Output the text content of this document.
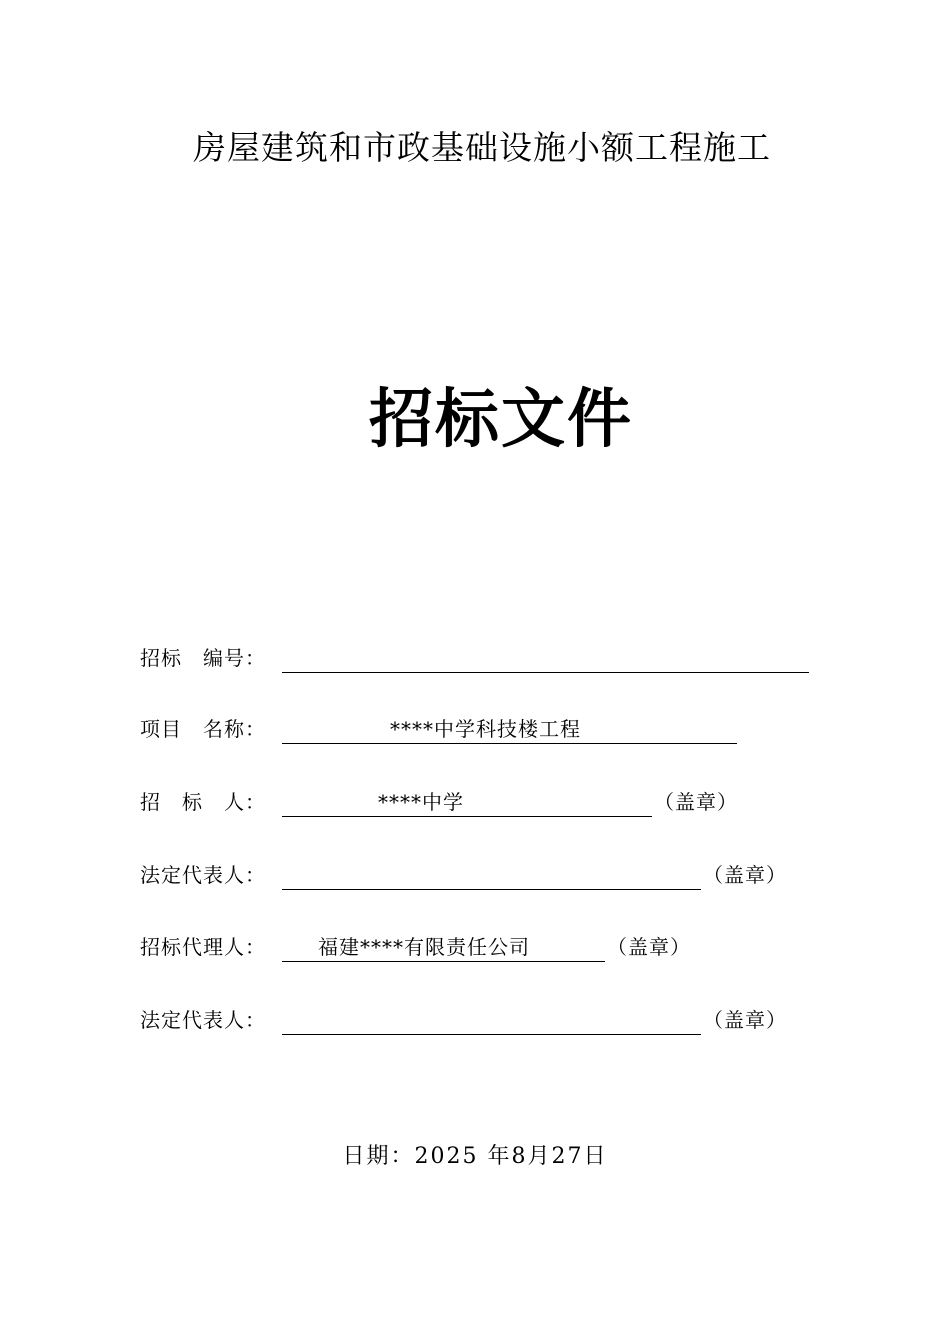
房屋建筑和市政基础设施小额工程施工
招标文件
招标　编号：
项目　名称：	****中学科技楼工程
招　标　人：	****中学	（盖章）
法定代表人：	（盖章）
招标代理人：	福建****有限责任公司	（盖章）
法定代表人：	（盖章）
日期：2025 年8月27日
